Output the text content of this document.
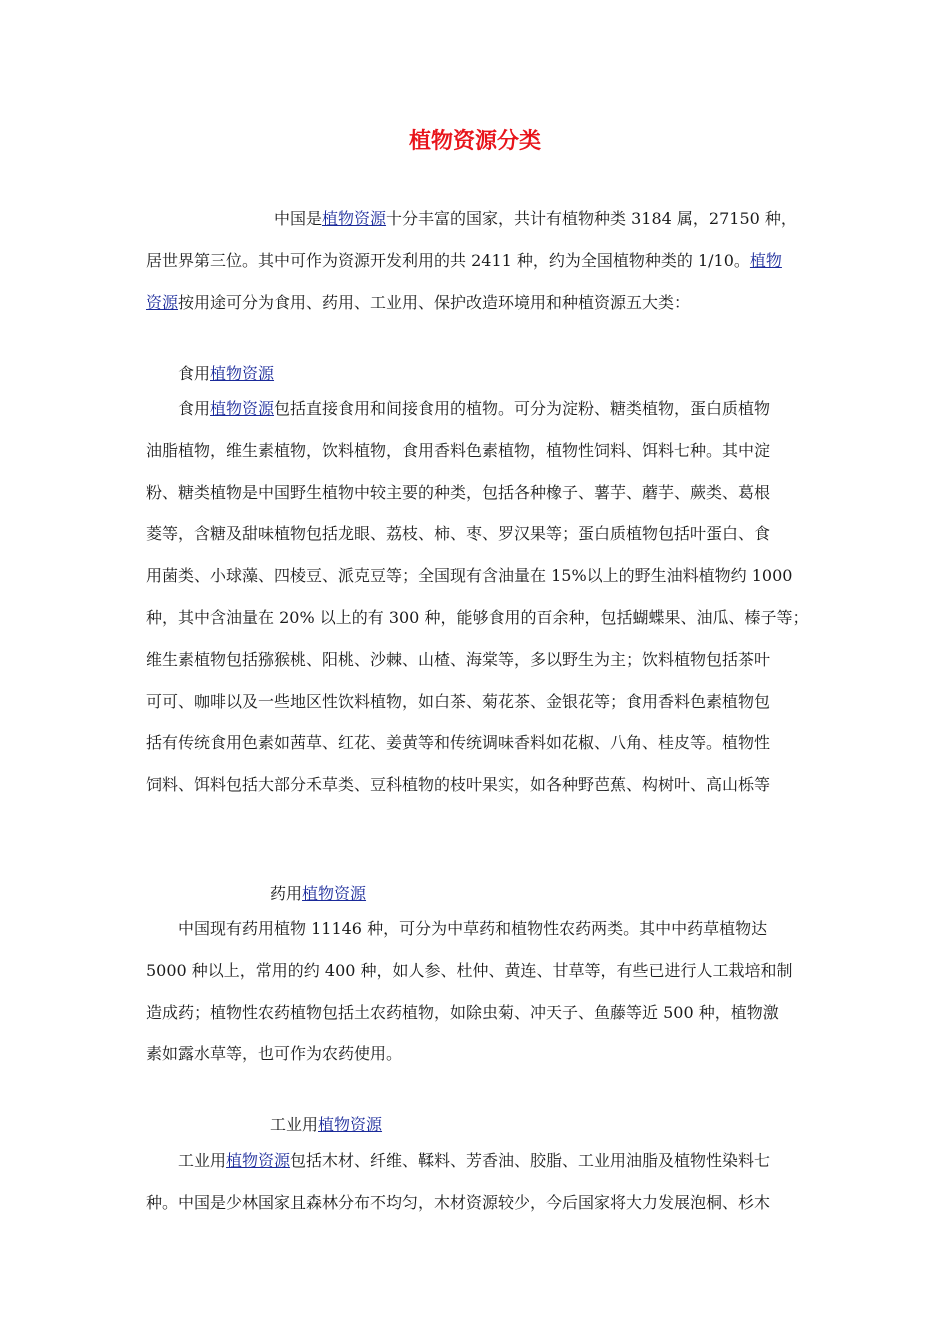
植物资源分类
中国是植物资源十分丰富的国家，共计有植物种类 3184 属，27150 种，
居世界第三位。其中可作为资源开发利用的共 2411 种，约为全国植物种类的 1/10。植物
资源按用途可分为食用、药用、工业用、保护改造环境用和种植资源五大类：
食用植物资源
食用植物资源包括直接食用和间接食用的植物。可分为淀粉、糖类植物，蛋白质植物
油脂植物，维生素植物，饮料植物，食用香料色素植物，植物性饲料、饵料七种。其中淀
粉、糖类植物是中国野生植物中较主要的种类，包括各种橡子、薯芋、蘑芋、蕨类、葛根
菱等，含糖及甜味植物包括龙眼、荔枝、柿、枣、罗汉果等；蛋白质植物包括叶蛋白、食
用菌类、小球藻、四棱豆、派克豆等；全国现有含油量在 15%以上的野生油料植物约 1000
种，其中含油量在 20% 以上的有 300 种，能够食用的百余种，包括蝴蝶果、油瓜、榛子等；
维生素植物包括猕猴桃、阳桃、沙棘、山楂、海棠等，多以野生为主；饮料植物包括茶叶
可可、咖啡以及一些地区性饮料植物，如白茶、菊花茶、金银花等；食用香料色素植物包
括有传统食用色素如茜草、红花、姜黄等和传统调味香料如花椒、八角、桂皮等。植物性
饲料、饵料包括大部分禾草类、豆科植物的枝叶果实，如各种野芭蕉、构树叶、高山栎等
药用植物资源
中国现有药用植物 11146 种，可分为中草药和植物性农药两类。其中中药草植物达
5000 种以上，常用的约 400 种，如人参、杜仲、黄连、甘草等，有些已进行人工栽培和制
造成药；植物性农药植物包括土农药植物，如除虫菊、冲天子、鱼藤等近 500 种，植物激
素如露水草等，也可作为农药使用。
工业用植物资源
工业用植物资源包括木材、纤维、鞣料、芳香油、胶脂、工业用油脂及植物性染料七
种。中国是少林国家且森林分布不均匀，木材资源较少，今后国家将大力发展泡桐、杉木
